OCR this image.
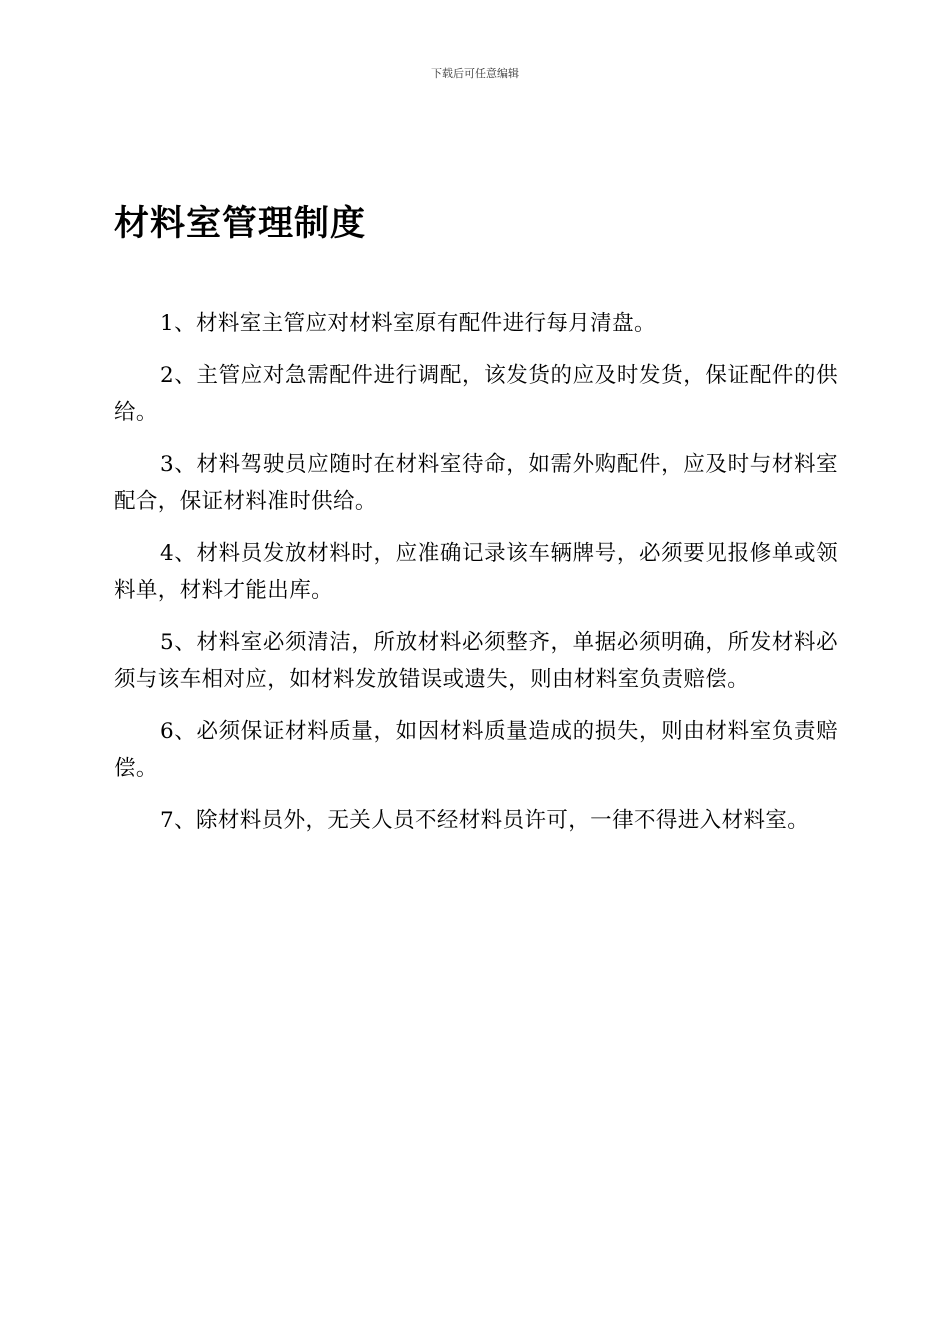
下载后可任意编辑
材料室管理制度

1、材料室主管应对材料室原有配件进行每月清盘。

2、主管应对急需配件进行调配，该发货的应及时发货，保证配件的供给。

3、材料驾驶员应随时在材料室待命，如需外购配件，应及时与材料室配合，保证材料准时供给。

4、材料员发放材料时，应准确记录该车辆牌号，必须要见报修单或领料单，材料才能出库。

5、材料室必须清洁，所放材料必须整齐，单据必须明确，所发材料必须与该车相对应，如材料发放错误或遗失，则由材料室负责赔偿。

6、必须保证材料质量，如因材料质量造成的损失，则由材料室负责赔偿。

7、除材料员外，无关人员不经材料员许可，一律不得进入材料室。
